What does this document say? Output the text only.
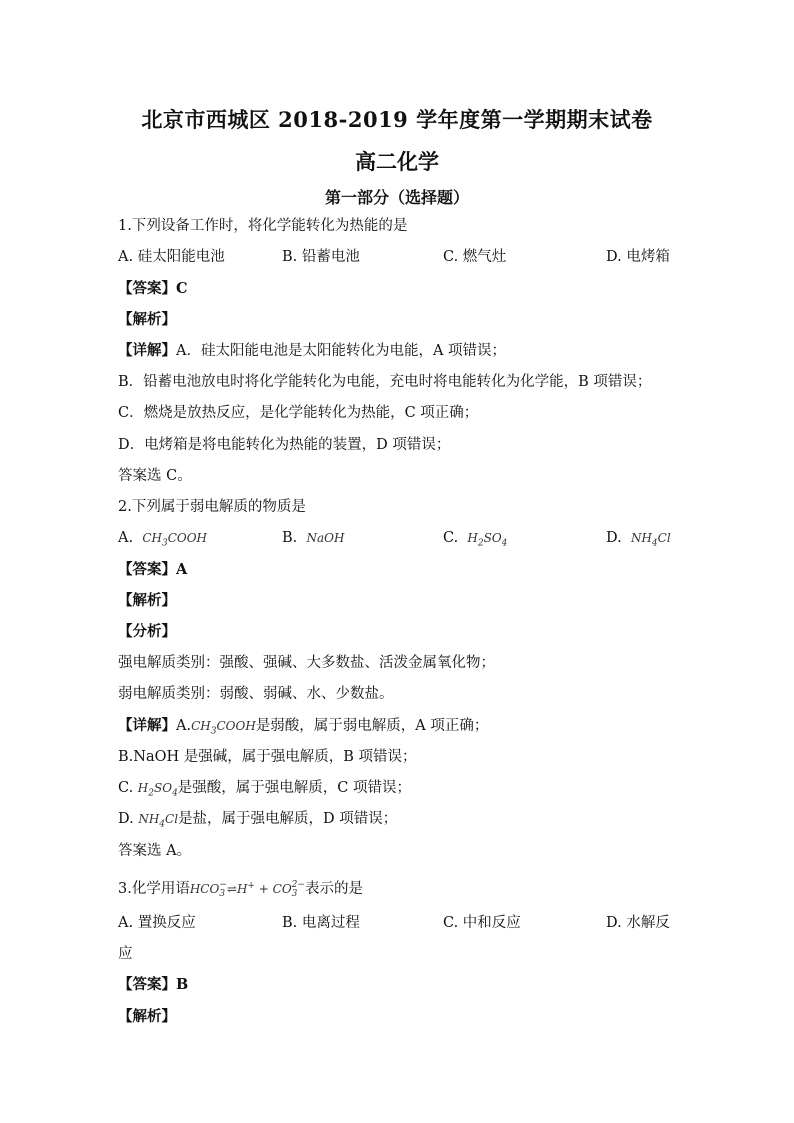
北京市西城区 2018-2019 学年度第一学期期末试卷
高二化学
第一部分（选择题）
1.下列设备工作时，将化学能转化为热能的是
A. 硅太阳能电池	B. 铅蓄电池	C. 燃气灶	D. 电烤箱
【答案】C
【解析】
【详解】A．硅太阳能电池是太阳能转化为电能，A 项错误；
B．铅蓄电池放电时将化学能转化为电能，充电时将电能转化为化学能，B 项错误；
C．燃烧是放热反应，是化学能转化为热能，C 项正确；
D．电烤箱是将电能转化为热能的装置，D 项错误；
答案选 C。
2.下列属于弱电解质的物质是
A. $CH_3COOH$	B. NaOH	C. $H_2SO_4$	D. $NH_4Cl$
【答案】A
【解析】
【分析】
强电解质类别：强酸、强碱、大多数盐、活泼金属氧化物；
弱电解质类别：弱酸、弱碱、水、少数盐。
【详解】$A.CH_3COOH$是弱酸，属于弱电解质，A 项正确；
B.NaOH 是强碱，属于强电解质，B 项错误；
C. $H_2SO_4$是强酸，属于强电解质，C 项错误；
D. $NH_4Cl$是盐，属于强电解质，D 项错误；
答案选 A。
3.化学用语HCO −
3 ⇌H+ + CO 2−
3 表示的是
A. 置换反应	B. 电离过程	C. 中和反应	D. 水解反
应
【答案】B
【解析】
